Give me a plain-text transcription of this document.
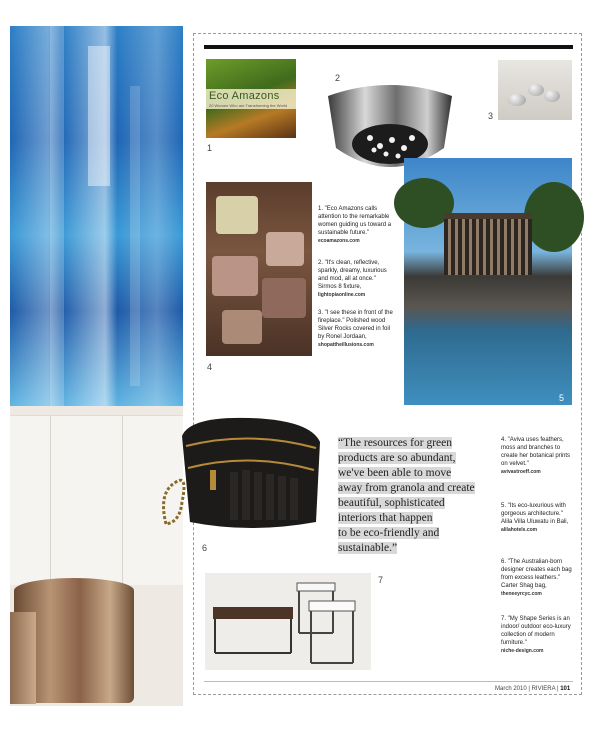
Eco Amazons
20 Women Who are Transforming the World
1
2
3
4
1. "Eco Amazons calls attention to the remarkable women guiding us toward a sustainable future."
ecoamazons.com
2. "It's clean, reflective, sparkly, dreamy, luxurious and mod, all at once." Sirmos 8 fixture,
lightopiaonline.com
3. "I see these in front of the fireplace." Polished wood Silver Rocks covered in foil by Ronel Jordaan,
shopattheillusions.com
5
6
“The resources for green
products are so abundant,
we've been able to move
away from granola and create
beautiful, sophisticated
interiors that happen
to be eco-friendly and
sustainable.”
4. "Aviva uses feathers, moss and branches to create her botanical prints on velvet."
avivastroeff.com
5. "Its eco-luxurious with gorgeous architecture." Alila Villa Uluwatu in Bali,
alilahotels.com
6. "The Australian-born designer creates each bag from excess leathers." Carter Shag bag,
theneeyrcyc.com
7. "My Shape Series is an indoor/ outdoor eco-luxury collection of modern furniture."
niche-design.com
7
March 2010 | RIVIERA | 101
